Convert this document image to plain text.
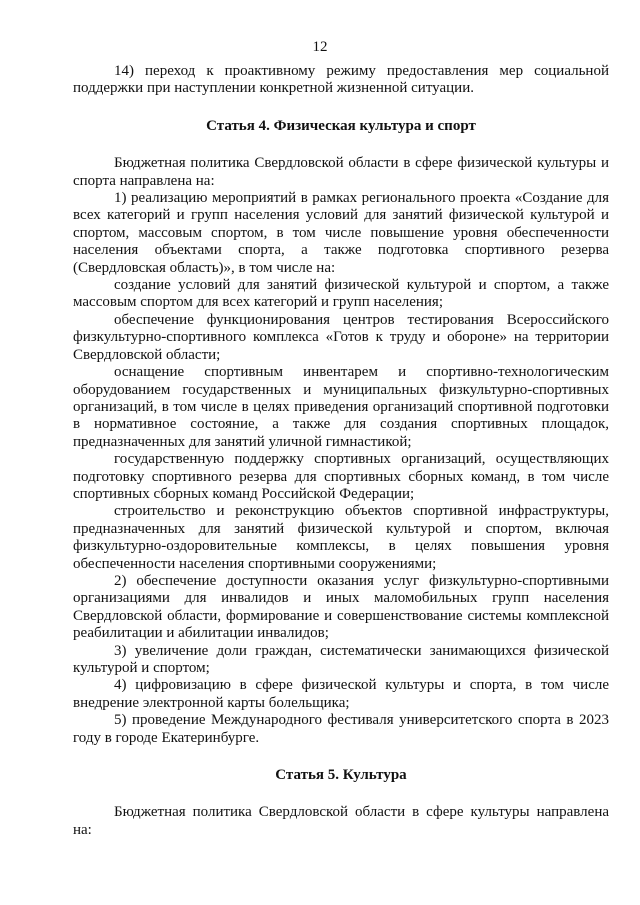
12

14) переход к проактивному режиму предоставления мер социальной поддержки при наступлении конкретной жизненной ситуации.

Статья 4. Физическая культура и спорт

Бюджетная политика Свердловской области в сфере физической культуры и спорта направлена на:

1) реализацию мероприятий в рамках регионального проекта «Создание для всех категорий и групп населения условий для занятий физической культурой и спортом, массовым спортом, в том числе повышение уровня обеспеченности населения объектами спорта, а также подготовка спортивного резерва (Свердловская область)», в том числе на:

создание условий для занятий физической культурой и спортом, а также массовым спортом для всех категорий и групп населения;

обеспечение функционирования центров тестирования Всероссийского физкультурно-спортивного комплекса «Готов к труду и обороне» на территории Свердловской области;

оснащение спортивным инвентарем и спортивно-технологическим оборудованием государственных и муниципальных физкультурно-спортивных организаций, в том числе в целях приведения организаций спортивной подготовки в нормативное состояние, а также для создания спортивных площадок, предназначенных для занятий уличной гимнастикой;

государственную поддержку спортивных организаций, осуществляющих подготовку спортивного резерва для спортивных сборных команд, в том числе спортивных сборных команд Российской Федерации;

строительство и реконструкцию объектов спортивной инфраструктуры, предназначенных для занятий физической культурой и спортом, включая физкультурно-оздоровительные комплексы, в целях повышения уровня обеспеченности населения спортивными сооружениями;

2) обеспечение доступности оказания услуг физкультурно-спортивными организациями для инвалидов и иных маломобильных групп населения Свердловской области, формирование и совершенствование системы комплексной реабилитации и абилитации инвалидов;

3) увеличение доли граждан, систематически занимающихся физической культурой и спортом;

4) цифровизацию в сфере физической культуры и спорта, в том числе внедрение электронной карты болельщика;

5) проведение Международного фестиваля университетского спорта в 2023 году в городе Екатеринбурге.

Статья 5. Культура

Бюджетная политика Свердловской области в сфере культуры направлена на:
